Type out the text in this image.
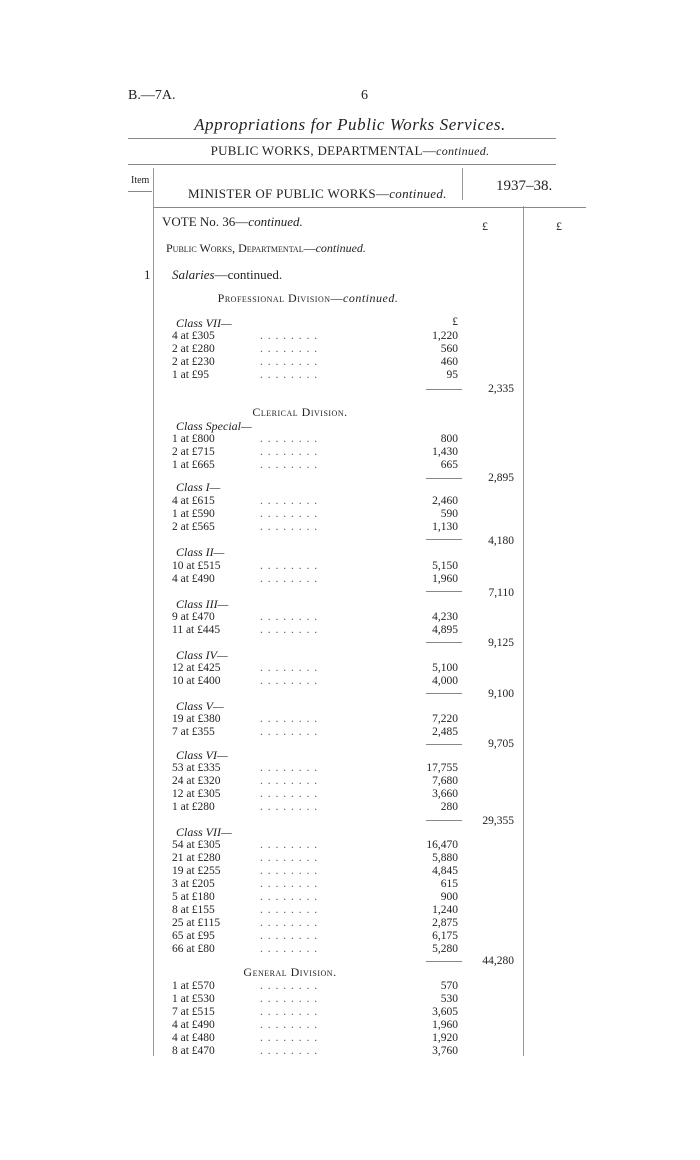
B.—7A.	6
Appropriations for Public Works Services.
PUBLIC WORKS, DEPARTMENTAL—continued.
Item
MINISTER OF PUBLIC WORKS—continued.	1937–38.
£	£
VOTE No. 36—continued.
Public Works, Departmental—continued.
1 Salaries—continued.
Professional Division—continued.
Class VII—	£
4 at £305	. . . . . . . .	1,220
2 at £280	. . . . . . . .	560
2 at £230	. . . . . . . .	460
1 at £95	. . . . . . . .	95
2,335
Clerical Division.
Class Special—
1 at £800	. . . . . . . .	800
2 at £715	. . . . . . . .	1,430
1 at £665	. . . . . . . .	665
2,895
Class I—
4 at £615	. . . . . . . .	2,460
1 at £590	. . . . . . . .	590
2 at £565	. . . . . . . .	1,130
4,180
Class II—
10 at £515	. . . . . . . .	5,150
4 at £490	. . . . . . . .	1,960
7,110
Class III—
9 at £470	. . . . . . . .	4,230
11 at £445	. . . . . . . .	4,895
9,125
Class IV—
12 at £425	. . . . . . . .	5,100
10 at £400	. . . . . . . .	4,000
9,100
Class V—
19 at £380	. . . . . . . .	7,220
7 at £355	. . . . . . . .	2,485
9,705
Class VI—
53 at £335	. . . . . . . .	17,755
24 at £320	. . . . . . . .	7,680
12 at £305	. . . . . . . .	3,660
1 at £280	. . . . . . . .	280
29,355
Class VII—
54 at £305	. . . . . . . .	16,470
21 at £280	. . . . . . . .	5,880
19 at £255	. . . . . . . .	4,845
3 at £205	. . . . . . . .	615
5 at £180	. . . . . . . .	900
8 at £155	. . . . . . . .	1,240
25 at £115	. . . . . . . .	2,875
65 at £95	. . . . . . . .	6,175
66 at £80	. . . . . . . .	5,280
44,280
General Division.
1 at £570	. . . . . . . .	570
1 at £530	. . . . . . . .	530
7 at £515	. . . . . . . .	3,605
4 at £490	. . . . . . . .	1,960
4 at £480	. . . . . . . .	1,920
8 at £470	. . . . . . . .	3,760
